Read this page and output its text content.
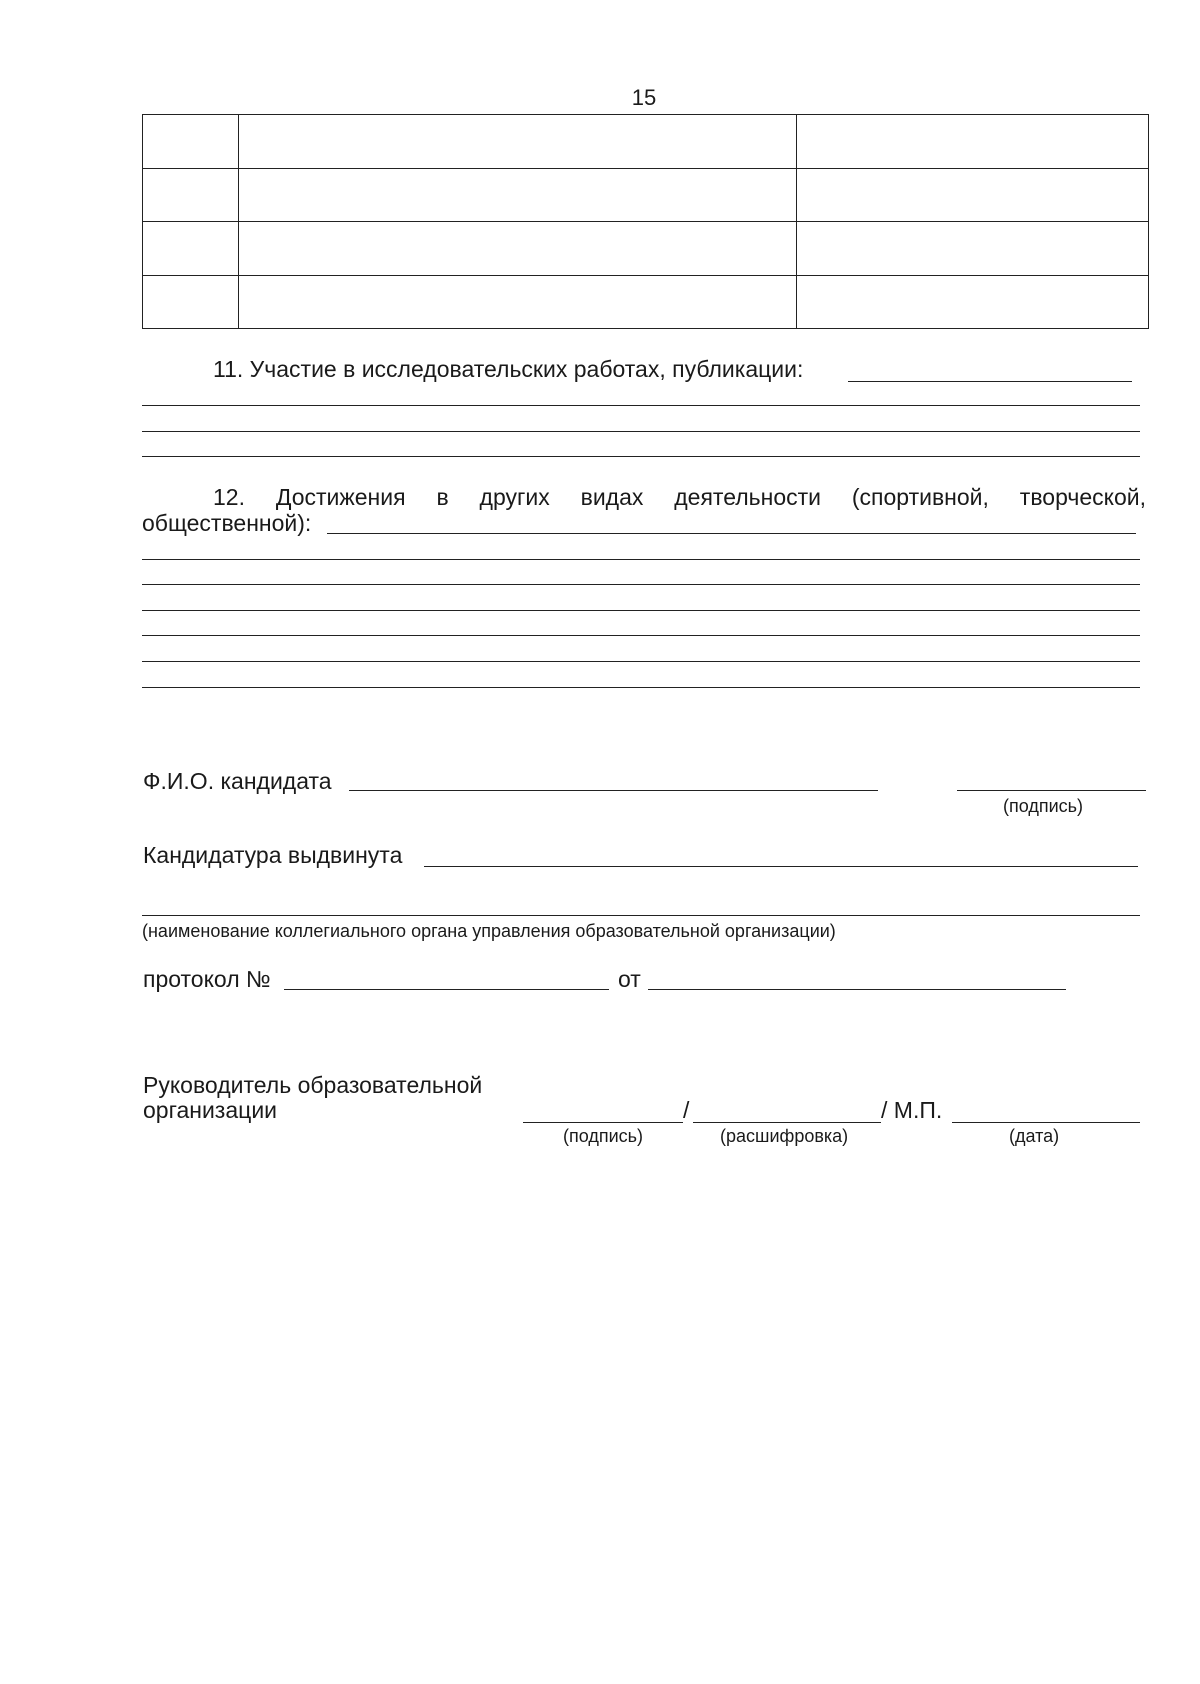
15

11. Участие в исследовательских работах, публикации:
12. Достижения в других видах деятельности (спортивной, творческой,
общественной):
Ф.И.О. кандидата
(подпись)
Кандидатура выдвинута
(наименование коллегиального органа управления образовательной организации)
протокол №	от
Руководитель образовательной
организации	/	/ М.П.
(подпись)	(расшифровка)	(дата)
